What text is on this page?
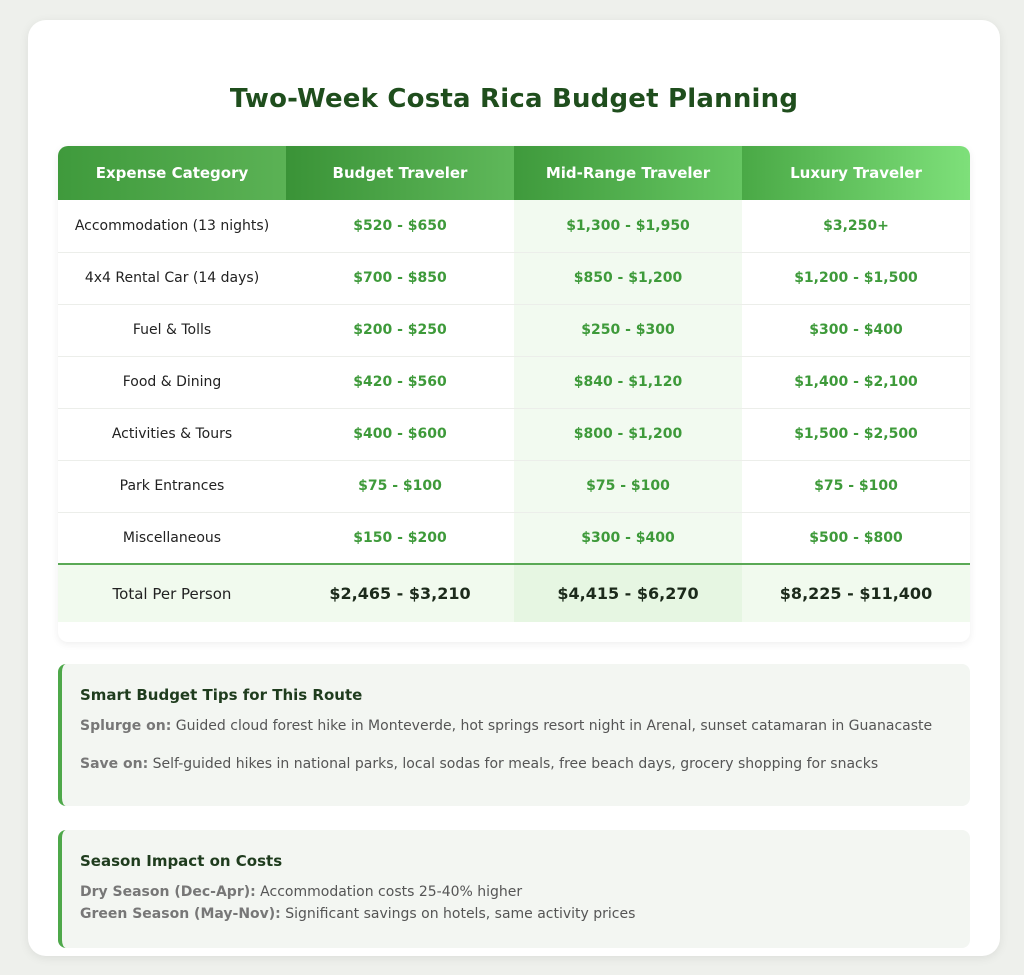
Two-Week Costa Rica Budget Planning
Expense Category	Budget Traveler	Mid-Range Traveler	Luxury Traveler
Accommodation (13 nights)	$520 - $650	$1,300 - $1,950	$3,250+
4x4 Rental Car (14 days)	$700 - $850	$850 - $1,200	$1,200 - $1,500
Fuel & Tolls	$200 - $250	$250 - $300	$300 - $400
Food & Dining	$420 - $560	$840 - $1,120	$1,400 - $2,100
Activities & Tours	$400 - $600	$800 - $1,200	$1,500 - $2,500
Park Entrances	$75 - $100	$75 - $100	$75 - $100
Miscellaneous	$150 - $200	$300 - $400	$500 - $800
Total Per Person	$2,465 - $3,210	$4,415 - $6,270	$8,225 - $11,400
Smart Budget Tips for This Route
Splurge on: Guided cloud forest hike in Monteverde, hot springs resort night in Arenal, sunset catamaran in Guanacaste
Save on: Self-guided hikes in national parks, local sodas for meals, free beach days, grocery shopping for snacks
Season Impact on Costs
Dry Season (Dec-Apr): Accommodation costs 25-40% higher
Green Season (May-Nov): Significant savings on hotels, same activity prices
